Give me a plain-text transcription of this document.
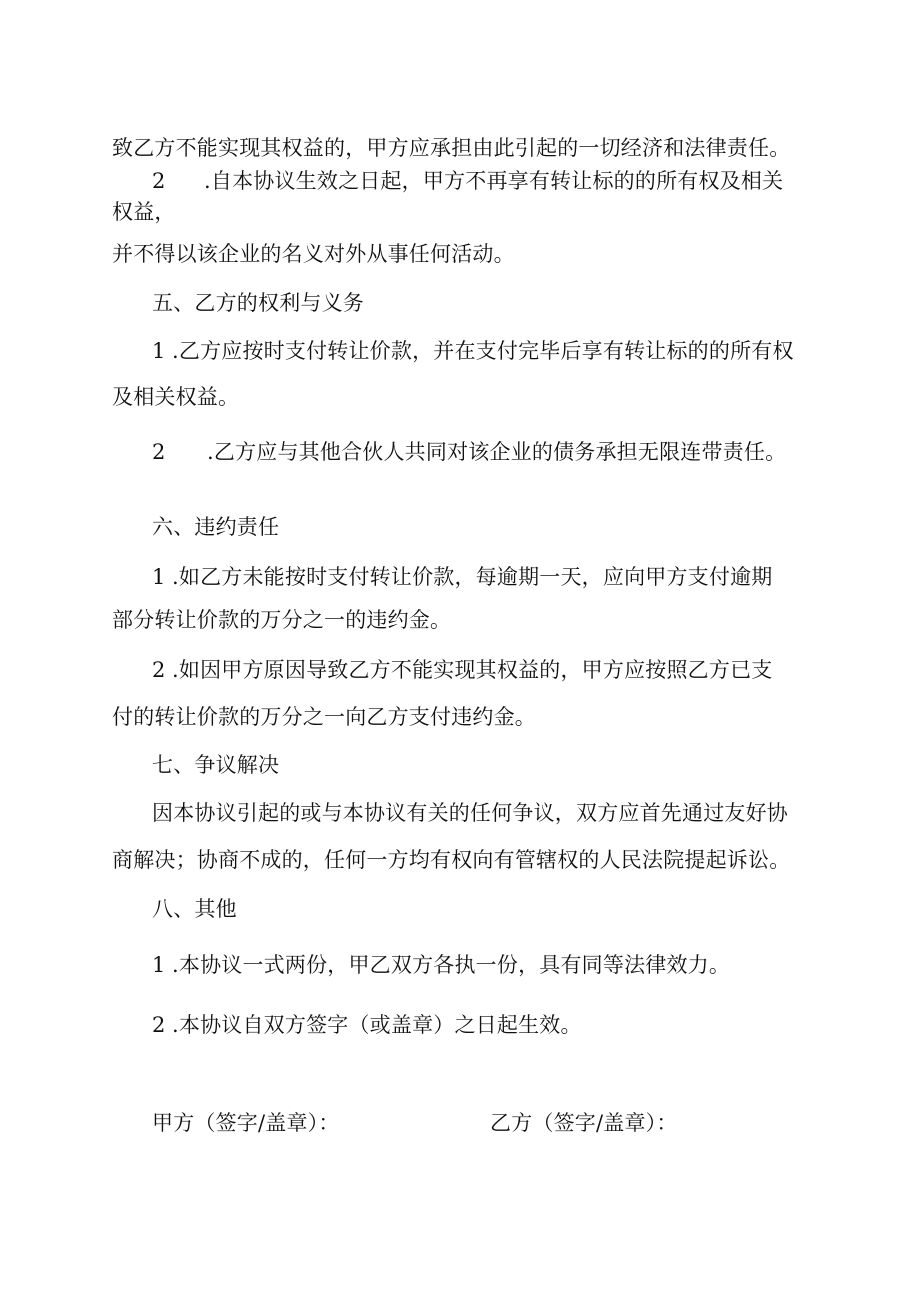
致乙方不能实现其权益的，甲方应承担由此引起的一切经济和法律责任。
2 .自本协议生效之日起，甲方不再享有转让标的的所有权及相关
权益，
并不得以该企业的名义对外从事任何活动。
五、乙方的权利与义务
1 .乙方应按时支付转让价款，并在支付完毕后享有转让标的的所有权
及相关权益。
2 .乙方应与其他合伙人共同对该企业的债务承担无限连带责任。
六、违约责任
1 .如乙方未能按时支付转让价款，每逾期一天，应向甲方支付逾期
部分转让价款的万分之一的违约金。
2 .如因甲方原因导致乙方不能实现其权益的，甲方应按照乙方已支
付的转让价款的万分之一向乙方支付违约金。
七、争议解决
因本协议引起的或与本协议有关的任何争议，双方应首先通过友好协
商解决；协商不成的，任何一方均有权向有管辖权的人民法院提起诉讼。
八、其他
1 .本协议一式两份，甲乙双方各执一份，具有同等法律效力。
2 .本协议自双方签字（或盖章）之日起生效。
甲方（签字/盖章）：	乙方（签字/盖章）：
